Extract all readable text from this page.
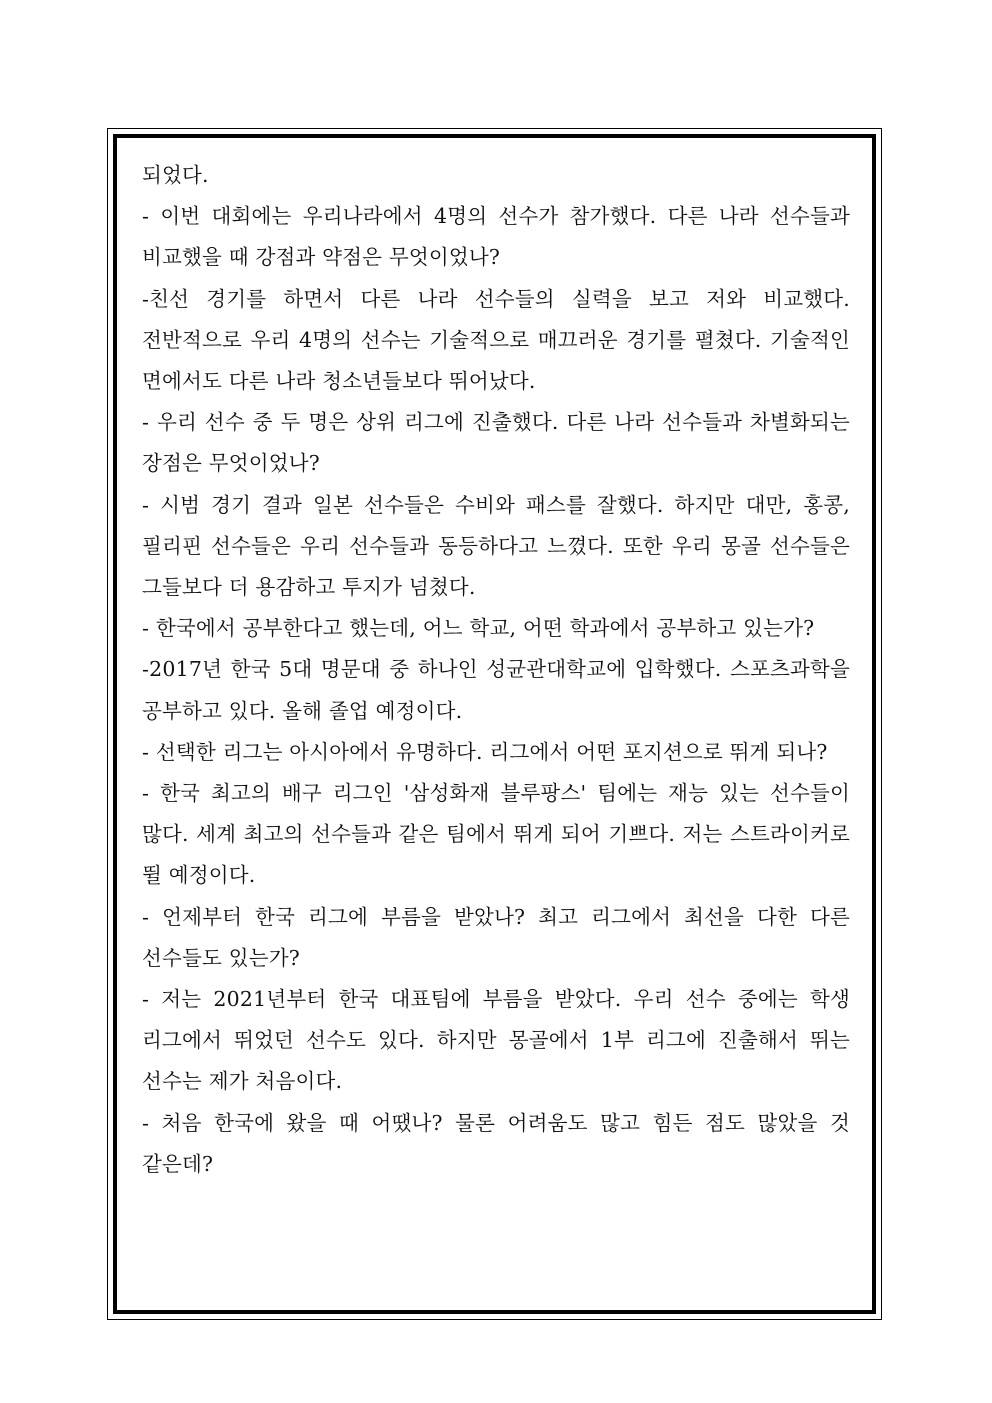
되었다.

- 이번 대회에는 우리나라에서 4명의 선수가 참가했다. 다른 나라 선수들과 비교했을 때 강점과 약점은 무엇이었나?

-친선 경기를 하면서 다른 나라 선수들의 실력을 보고 저와 비교했다. 전반적으로 우리 4명의 선수는 기술적으로 매끄러운 경기를 펼쳤다. 기술적인 면에서도 다른 나라 청소년들보다 뛰어났다.

- 우리 선수 중 두 명은 상위 리그에 진출했다. 다른 나라 선수들과 차별화되는 장점은 무엇이었나?

- 시범 경기 결과 일본 선수들은 수비와 패스를 잘했다. 하지만 대만, 홍콩, 필리핀 선수들은 우리 선수들과 동등하다고 느꼈다. 또한 우리 몽골 선수들은 그들보다 더 용감하고 투지가 넘쳤다.

- 한국에서 공부한다고 했는데, 어느 학교, 어떤 학과에서 공부하고 있는가?

-2017년 한국 5대 명문대 중 하나인 성균관대학교에 입학했다. 스포츠과학을 공부하고 있다. 올해 졸업 예정이다.

- 선택한 리그는 아시아에서 유명하다. 리그에서 어떤 포지션으로 뛰게 되나?

- 한국 최고의 배구 리그인 '삼성화재 블루팡스' 팀에는 재능 있는 선수들이 많다. 세계 최고의 선수들과 같은 팀에서 뛰게 되어 기쁘다. 저는 스트라이커로 뛸 예정이다.

- 언제부터 한국 리그에 부름을 받았나? 최고 리그에서 최선을 다한 다른 선수들도 있는가?

- 저는 2021년부터 한국 대표팀에 부름을 받았다. 우리 선수 중에는 학생 리그에서 뛰었던 선수도 있다. 하지만 몽골에서 1부 리그에 진출해서 뛰는 선수는 제가 처음이다.

- 처음 한국에 왔을 때 어땠나? 물론 어려움도 많고 힘든 점도 많았을 것 같은데?
